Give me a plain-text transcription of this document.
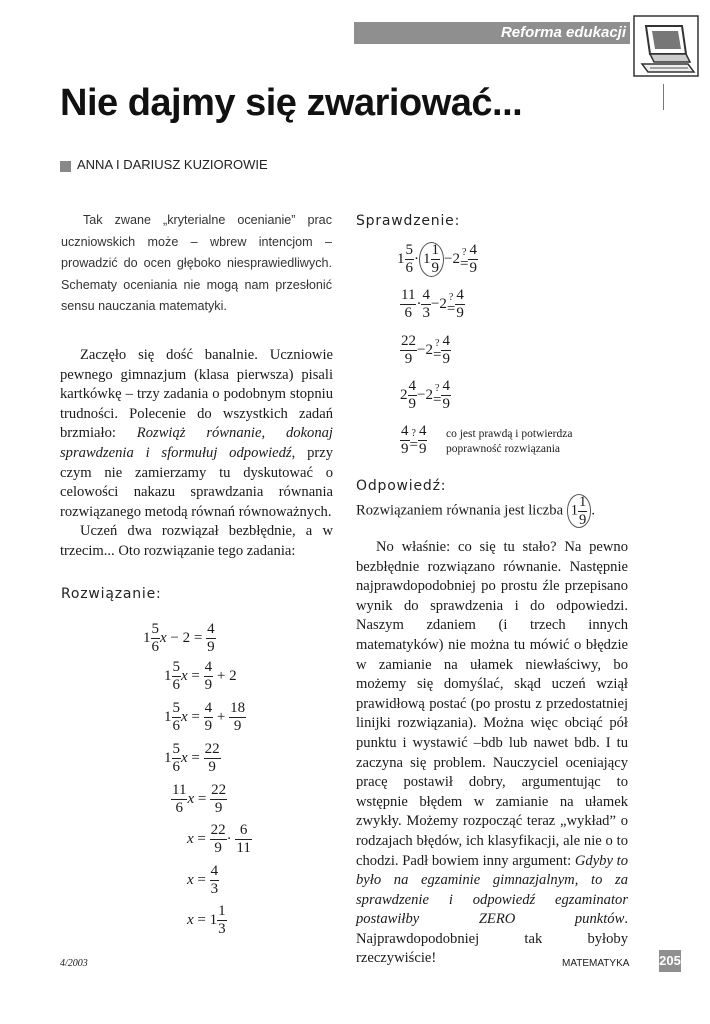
Reforma edukacji
Nie dajmy się zwariować...
ANNA I DARIUSZ KUZIOROWIE

Tak zwane „kryterialne ocenianie” prac uczniowskich może – wbrew intencjom – prowadzić do ocen głęboko niesprawiedliwych. Schematy oceniania nie mogą nam przesłonić sensu nauczania matematyki.

Zaczęło się dość banalnie. Uczniowie pewnego gimnazjum (klasa pierwsza) pisali kartkówkę – trzy zadania o podobnym stopniu trudności. Polecenie do wszystkich zadań brzmiało: Rozwiąż równanie, dokonaj sprawdzenia i sformułuj odpowiedź, przy czym nie zamierzamy tu dyskutować o celowości nakazu sprawdzania równania rozwiązanego metodą równań równoważnych.

Uczeń dwa rozwiązał bezbłędnie, a w trzecim... Oto rozwiązanie tego zadania:

Rozwiązanie:
$1 \frac{5}{6}$ $x - 2 = \frac{4}{9}$
$1 \frac{5}{6}$ $x = \frac{4}{9} + 2$
$1 \frac{5}{6}$ $x = \frac{4}{9} + \frac{18}{9}$
$1 \frac{5}{6}$ $x = \frac{22}{9}$
$\frac{11}{6}$ $x = \frac{22}{9}$
$x = \frac{22}{9} \cdot \frac{6}{11}$
$x = \frac{4}{3}$
$x = 1 \frac{1}{3}$
Sprawdzenie:
$1 \frac{5}{6} \cdot 1 \frac{1}{9} -2$ ?
= $\frac{4}{9}$
$\frac{11}{6} \cdot \frac{4}{3} -2$ ?
= $\frac{4}{9}$
$\frac{22}{9} -2$ ?
= $\frac{4}{9}$
$2 \frac{4}{9} -2$ ?
= $\frac{4}{9}$
$\frac{4}{9}$ ?
= $\frac{4}{9}$ co jest prawdą i potwierdza poprawność rozwiązania
Odpowiedź:
Rozwiązaniem równania jest liczba $1 \frac{1}{9}$ .

No właśnie: co się tu stało? Na pewno bezbłędnie rozwiązano równanie. Następnie najprawdopodobniej po prostu źle przepisano wynik do sprawdzenia i do odpowiedzi. Naszym zdaniem (i trzech innych matematyków) nie można tu mówić o błędzie w zamianie na ułamek niewłaściwy, bo możemy się domyślać, skąd uczeń wziął prawidłową postać (po prostu z przedostatniej linijki rozwiązania). Można więc obciąć pół punktu i wystawić –bdb lub nawet bdb. I tu zaczyna się problem. Nauczyciel oceniający pracę postawił dobry, argumentując to wstępnie błędem w zamianie na ułamek zwykły. Możemy rozpocząć teraz „wykład” o rodzajach błędów, ich klasyfikacji, ale nie o to chodzi. Padł bowiem inny argument: Gdyby to było na egzaminie gimnazjalnym, to za sprawdzenie i odpowiedź egzaminator postawiłby ZERO punktów. Najprawdopodobniej tak byłoby rzeczywiście!

4/2003	MATEMATYKA 205
